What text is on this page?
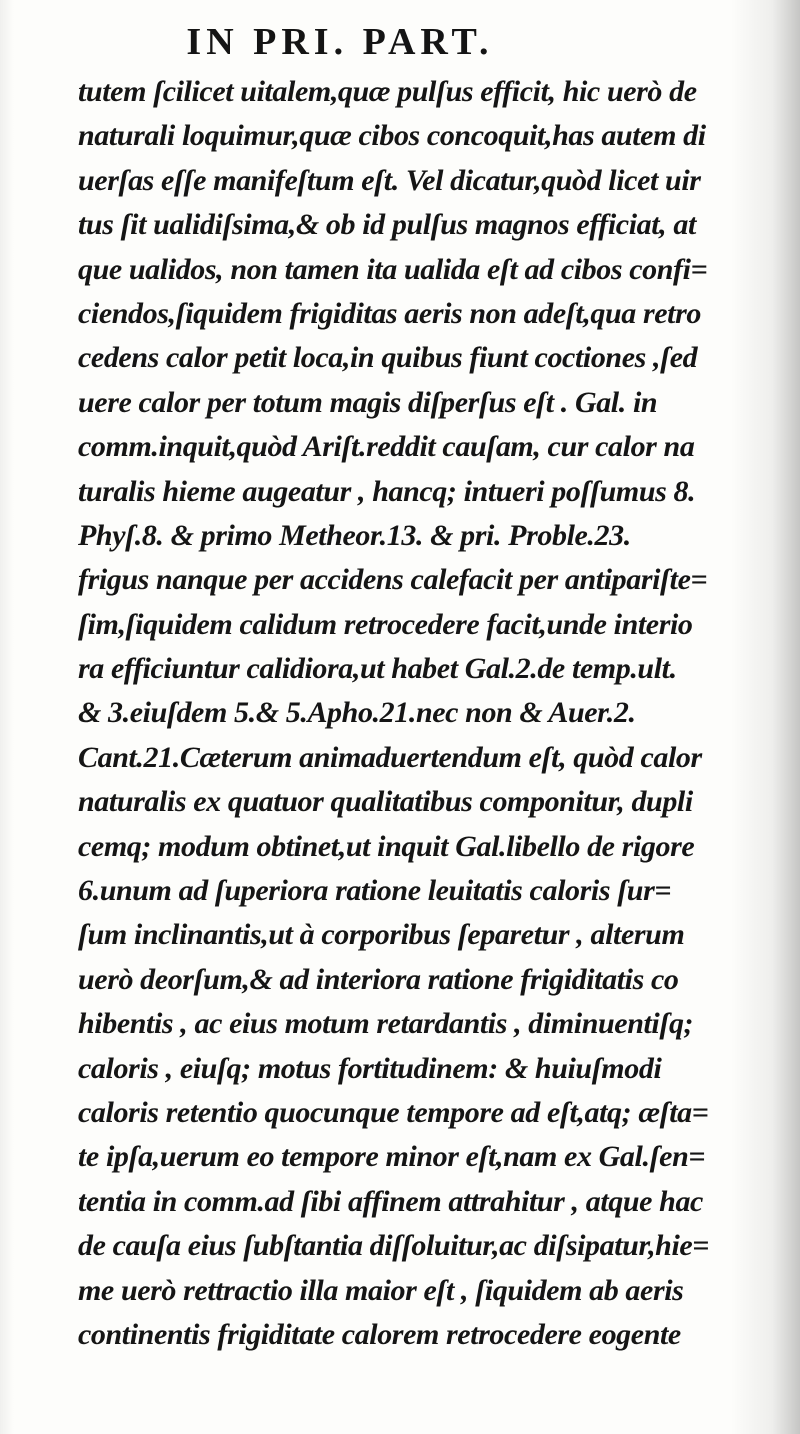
IN PRI. PART.
tutem ſcilicet uitalem,quæ pulſus efficit, hic uerò de
naturali loquimur,quæ cibos concoquit,has autem di
uerſas eſſe manifeſtum eſt. Vel dicatur,quòd licet uir
tus ſit ualidiſsima,& ob id pulſus magnos efficiat, at
que ualidos, non tamen ita ualida eſt ad cibos confi=
ciendos,ſiquidem frigiditas aeris non adeſt,qua retro
cedens calor petit loca,in quibus fiunt coctiones ,ſed
uere calor per totum magis diſperſus eſt . Gal. in
comm.inquit,quòd Ariſt.reddit cauſam, cur calor na
turalis hieme augeatur , hancq; intueri poſſumus 8.
Phyſ.8. & primo Metheor.13. & pri. Proble.23.
frigus nanque per accidens calefacit per antipariſte=
ſim,ſiquidem calidum retrocedere facit,unde interio
ra efficiuntur calidiora,ut habet Gal.2.de temp.ult.
& 3.eiuſdem 5.& 5.Apho.21.nec non & Auer.2.
Cant.21.Cæterum animaduertendum eſt, quòd calor
naturalis ex quatuor qualitatibus componitur, dupli
cemq; modum obtinet,ut inquit Gal.libello de rigore
6.unum ad ſuperiora ratione leuitatis caloris ſur=
ſum inclinantis,ut à corporibus ſeparetur , alterum
uerò deorſum,& ad interiora ratione frigiditatis co
hibentis , ac eius motum retardantis , diminuentiſq;
caloris , eiuſq; motus fortitudinem: & huiuſmodi
caloris retentio quocunque tempore ad eſt,atq; æſta=
te ipſa,uerum eo tempore minor eſt,nam ex Gal.ſen=
tentia in comm.ad ſibi affinem attrahitur , atque hac
de cauſa eius ſubſtantia diſſoluitur,ac diſsipatur,hie=
me uerò rettractio illa maior eſt , ſiquidem ab aeris
continentis frigiditate calorem retrocedere eogente
